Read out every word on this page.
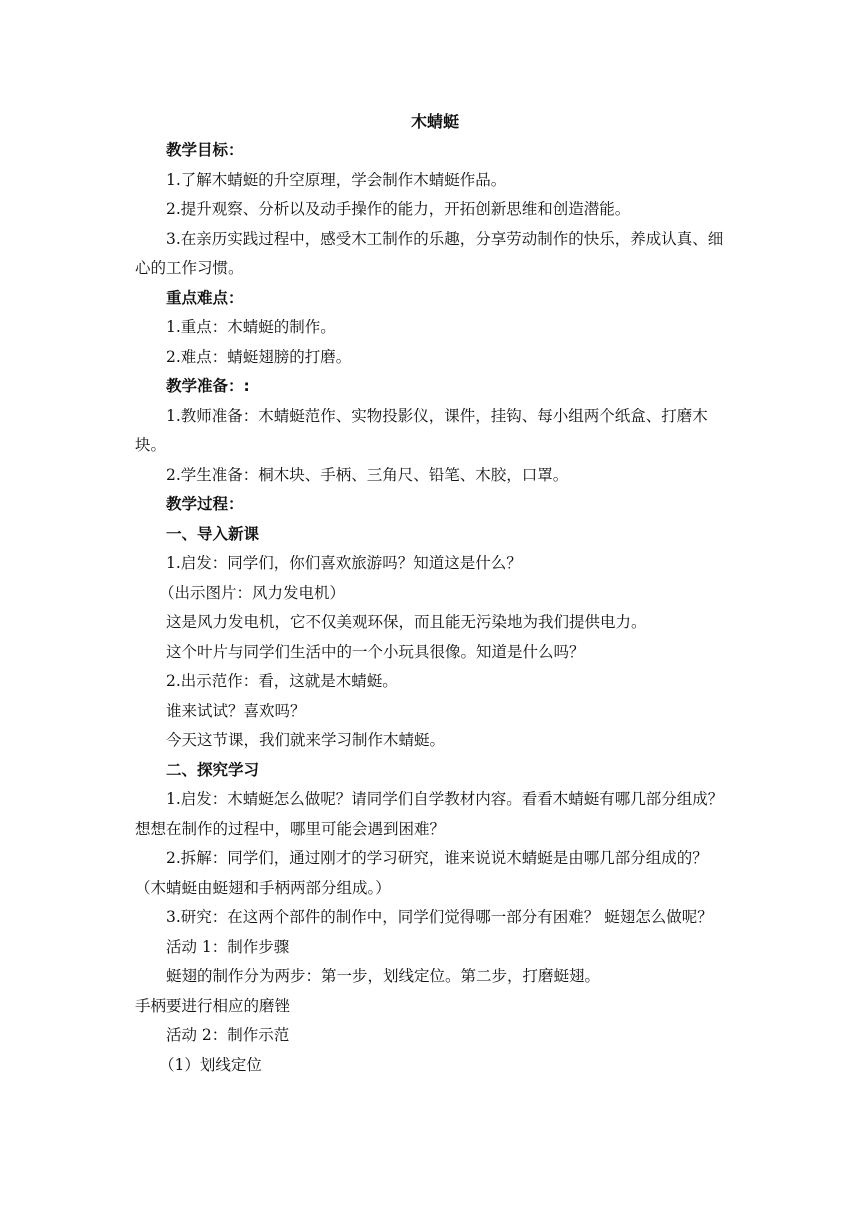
木蜻蜓

教学目标：

1.了解木蜻蜓的升空原理，学会制作木蜻蜓作品。

2.提升观察、分析以及动手操作的能力，开拓创新思维和创造潜能。

3.在亲历实践过程中，感受木工制作的乐趣，分享劳动制作的快乐，养成认真、细心的工作习惯。

重点难点：

1.重点：木蜻蜓的制作。

2.难点：蜻蜓翅膀的打磨。

教学准备：:

1.教师准备：木蜻蜓范作、实物投影仪，课件，挂钩、每小组两个纸盒、打磨木块。

2.学生准备：桐木块、手柄、三角尺、铅笔、木胶，口罩。

教学过程：

一、导入新课

1.启发：同学们，你们喜欢旅游吗？知道这是什么？

（出示图片：风力发电机）

这是风力发电机，它不仅美观环保，而且能无污染地为我们提供电力。

这个叶片与同学们生活中的一个小玩具很像。知道是什么吗？

2.出示范作：看，这就是木蜻蜓。

谁来试试？喜欢吗？

今天这节课，我们就来学习制作木蜻蜓。

二、探究学习

1.启发：木蜻蜓怎么做呢？请同学们自学教材内容。看看木蜻蜓有哪几部分组成？想想在制作的过程中，哪里可能会遇到困难？

2.拆解：同学们，通过刚才的学习研究，谁来说说木蜻蜓是由哪几部分组成的？（木蜻蜓由蜓翅和手柄两部分组成。）

3.研究：在这两个部件的制作中，同学们觉得哪一部分有困难？ 蜓翅怎么做呢？

活动 1：制作步骤

蜓翅的制作分为两步：第一步，划线定位。第二步，打磨蜓翅。

手柄要进行相应的磨锉

活动 2：制作示范

（1）划线定位
